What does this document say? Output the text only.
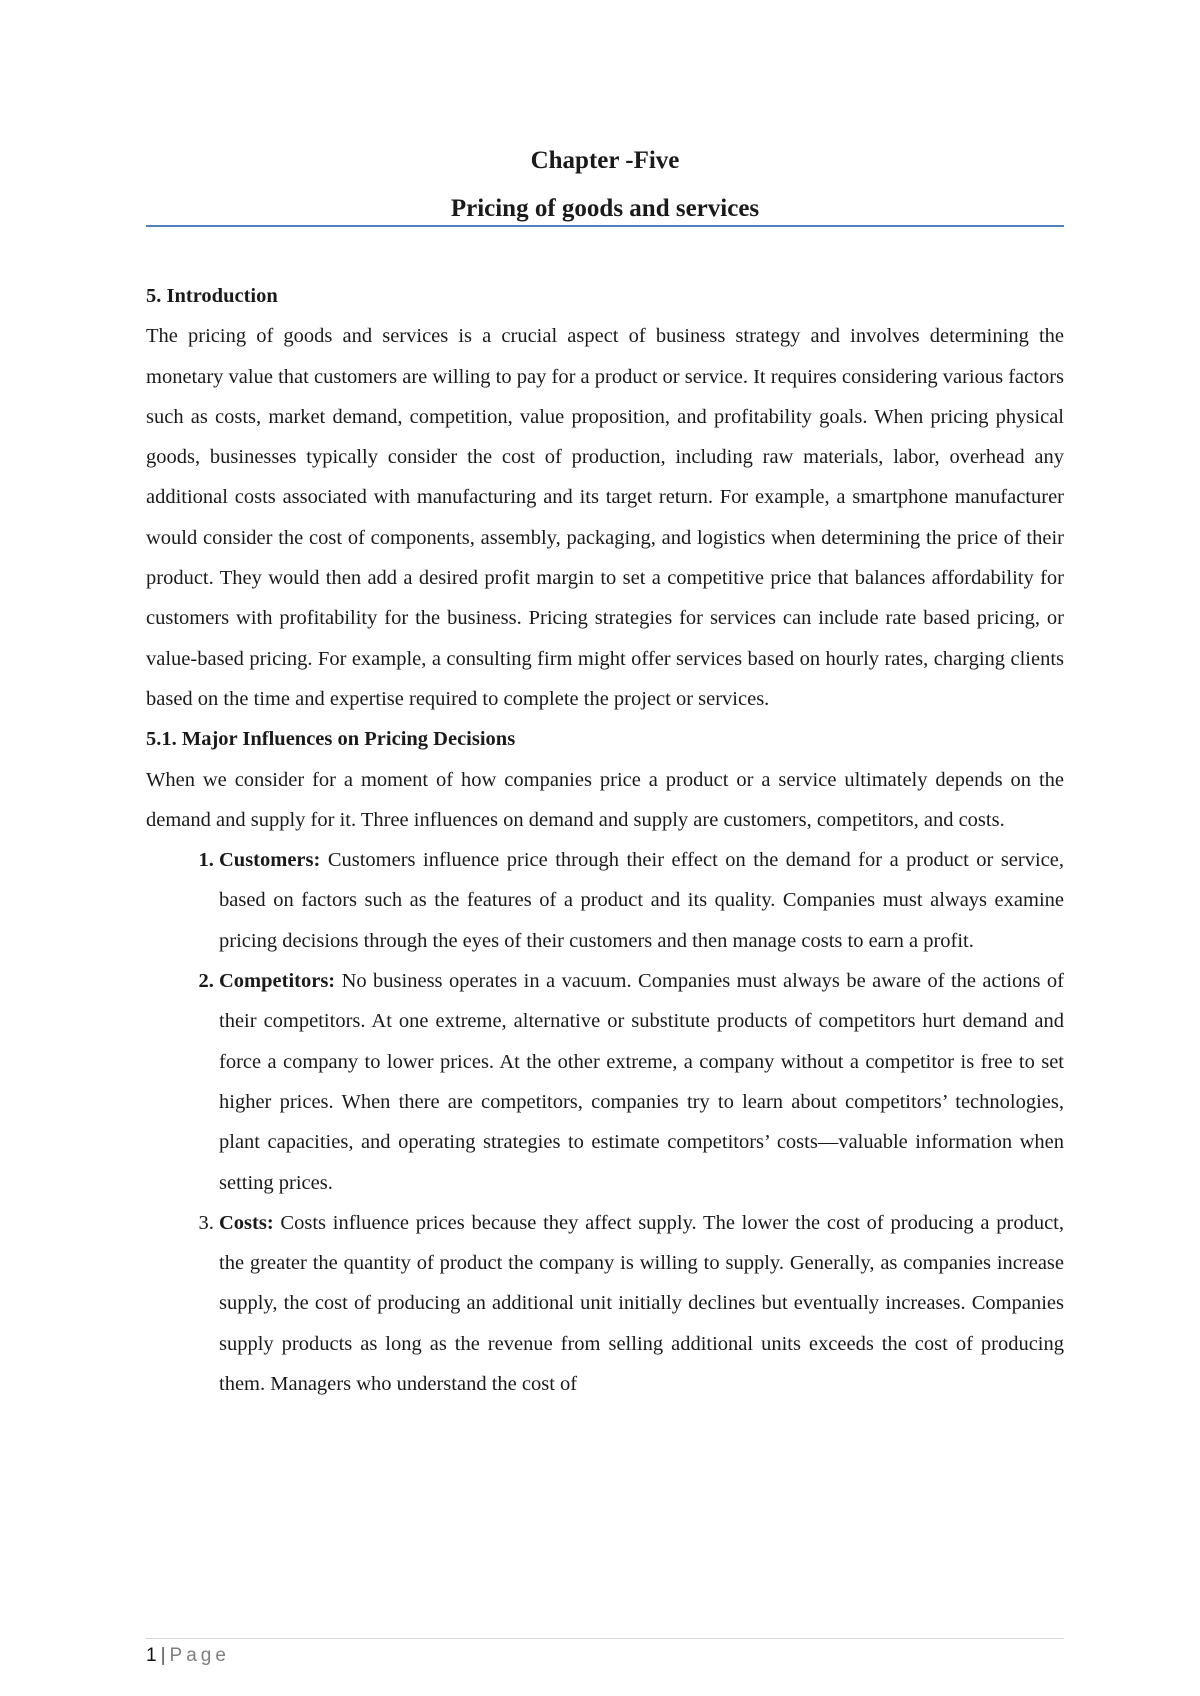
Chapter -Five

Pricing of goods and services

5. Introduction

The pricing of goods and services is a crucial aspect of business strategy and involves determining the monetary value that customers are willing to pay for a product or service. It requires considering various factors such as costs, market demand, competition, value proposition, and profitability goals. When pricing physical goods, businesses typically consider the cost of production, including raw materials, labor, overhead any additional costs associated with manufacturing and its target return. For example, a smartphone manufacturer would consider the cost of components, assembly, packaging, and logistics when determining the price of their product. They would then add a desired profit margin to set a competitive price that balances affordability for customers with profitability for the business. Pricing strategies for services can include rate based pricing, or value-based pricing. For example, a consulting firm might offer services based on hourly rates, charging clients based on the time and expertise required to complete the project or services.

5.1. Major Influences on Pricing Decisions

When we consider for a moment of how companies price a product or a service ultimately depends on the demand and supply for it. Three influences on demand and supply are customers, competitors, and costs.

1. Customers: Customers influence price through their effect on the demand for a product or service, based on factors such as the features of a product and its quality. Companies must always examine pricing decisions through the eyes of their customers and then manage costs to earn a profit.
2. Competitors: No business operates in a vacuum. Companies must always be aware of the actions of their competitors. At one extreme, alternative or substitute products of competitors hurt demand and force a company to lower prices. At the other extreme, a company without a competitor is free to set higher prices. When there are competitors, companies try to learn about competitors’ technologies, plant capacities, and operating strategies to estimate competitors’ costs—valuable information when setting prices.
3. Costs: Costs influence prices because they affect supply. The lower the cost of producing a product, the greater the quantity of product the company is willing to supply. Generally, as companies increase supply, the cost of producing an additional unit initially declines but eventually increases. Companies supply products as long as the revenue from selling additional units exceeds the cost of producing them. Managers who understand the cost of
1 | Page
